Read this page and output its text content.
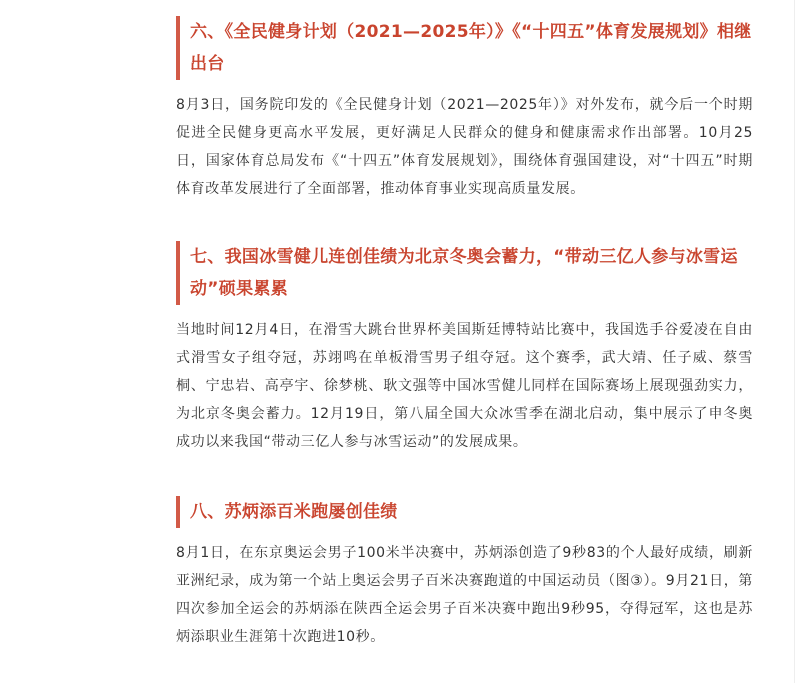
六、《全民健身计划（2021—2025年）》《“十四五”体育发展规划》相继出台

8月3日，国务院印发的《全民健身计划（2021—2025年）》对外发布，就今后一个时期促进全民健身更高水平发展，更好满足人民群众的健身和健康需求作出部署。10月25日，国家体育总局发布《“十四五”体育发展规划》，围绕体育强国建设，对“十四五”时期体育改革发展进行了全面部署，推动体育事业实现高质量发展。

七、我国冰雪健儿连创佳绩为北京冬奥会蓄力，“带动三亿人参与冰雪运动”硕果累累

当地时间12月4日，在滑雪大跳台世界杯美国斯廷博特站比赛中，我国选手谷爱凌在自由式滑雪女子组夺冠，苏翊鸣在单板滑雪男子组夺冠。这个赛季，武大靖、任子威、蔡雪桐、宁忠岩、高亭宇、徐梦桃、耿文强等中国冰雪健儿同样在国际赛场上展现强劲实力，为北京冬奥会蓄力。12月19日，第八届全国大众冰雪季在湖北启动，集中展示了申冬奥成功以来我国“带动三亿人参与冰雪运动”的发展成果。

八、苏炳添百米跑屡创佳绩

8月1日，在东京奥运会男子100米半决赛中，苏炳添创造了9秒83的个人最好成绩，刷新亚洲纪录，成为第一个站上奥运会男子百米决赛跑道的中国运动员（图③）。9月21日，第四次参加全运会的苏炳添在陕西全运会男子百米决赛中跑出9秒95，夺得冠军，这也是苏炳添职业生涯第十次跑进10秒。
